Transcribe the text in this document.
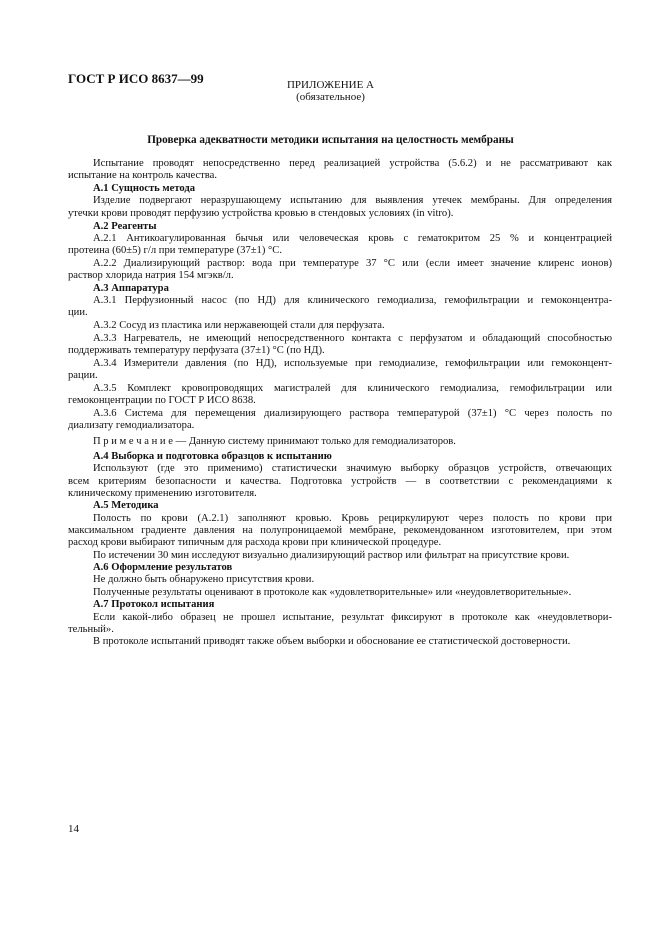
ГОСТ Р ИСО 8637—99	ПРИЛОЖЕНИЕ А
(обязательное)
Проверка адекватности методики испытания на целостность мембраны
Испытание проводят непосредственно перед реализацией устройства (5.6.2) и не рассматривают как
испытание на контроль качества.
А.1 Сущность метода
Изделие подвергают неразрушающему испытанию для выявления утечек мембраны. Для определения
утечки крови проводят перфузию устройства кровью в стендовых условиях (in vitro).
А.2 Реагенты
А.2.1 Антикоагулированная бычья или человеческая кровь с гематокритом 25 % и концентрацией
протеина (60±5) г/л при температуре (37±1) °С.
А.2.2 Диализирующий раствор: вода при температуре 37 °С или (если имеет значение клиренс ионов)
раствор хлорида натрия 154 мгэкв/л.
А.3 Аппаратура
А.3.1 Перфузионный насос (по НД) для клинического гемодиализа, гемофильтрации и гемоконцентра-
ции.
А.3.2 Сосуд из пластика или нержавеющей стали для перфузата.
А.3.3 Нагреватель, не имеющий непосредственного контакта с перфузатом и обладающий способностью
поддерживать температуру перфузата (37±1) °С (по НД).
А.3.4 Измерители давления (по НД), используемые при гемодиализе, гемофильтрации или гемоконцент-
рации.
А.3.5 Комплект кровопроводящих магистралей для клинического гемодиализа, гемофильтрации или
гемоконцентрации по ГОСТ Р ИСО 8638.
А.3.6 Система для перемещения диализирующего раствора температурой (37±1) °С через полость по
диализату гемодиализатора.
П р и м е ч а н и е — Данную систему принимают только для гемодиализаторов.
А.4 Выборка и подготовка образцов к испытанию
Используют (где это применимо) статистически значимую выборку образцов устройств, отвечающих
всем критериям безопасности и качества. Подготовка устройств — в соответствии с рекомендациями к
клиническому применению изготовителя.
А.5 Методика
Полость по крови (А.2.1) заполняют кровью. Кровь рециркулируют через полость по крови при
максимальном градиенте давления на полупроницаемой мембране, рекомендованном изготовителем, при этом
расход крови выбирают типичным для расхода крови при клинической процедуре.
По истечении 30 мин исследуют визуально диализирующий раствор или фильтрат на присутствие крови.
А.6 Оформление результатов
Не должно быть обнаружено присутствия крови.
Полученные результаты оценивают в протоколе как «удовлетворительные» или «неудовлетворительные».
А.7 Протокол испытания
Если какой-либо образец не прошел испытание, результат фиксируют в протоколе как «неудовлетвори-
тельный».
В протоколе испытаний приводят также объем выборки и обоснование ее статистической достоверности.
14
